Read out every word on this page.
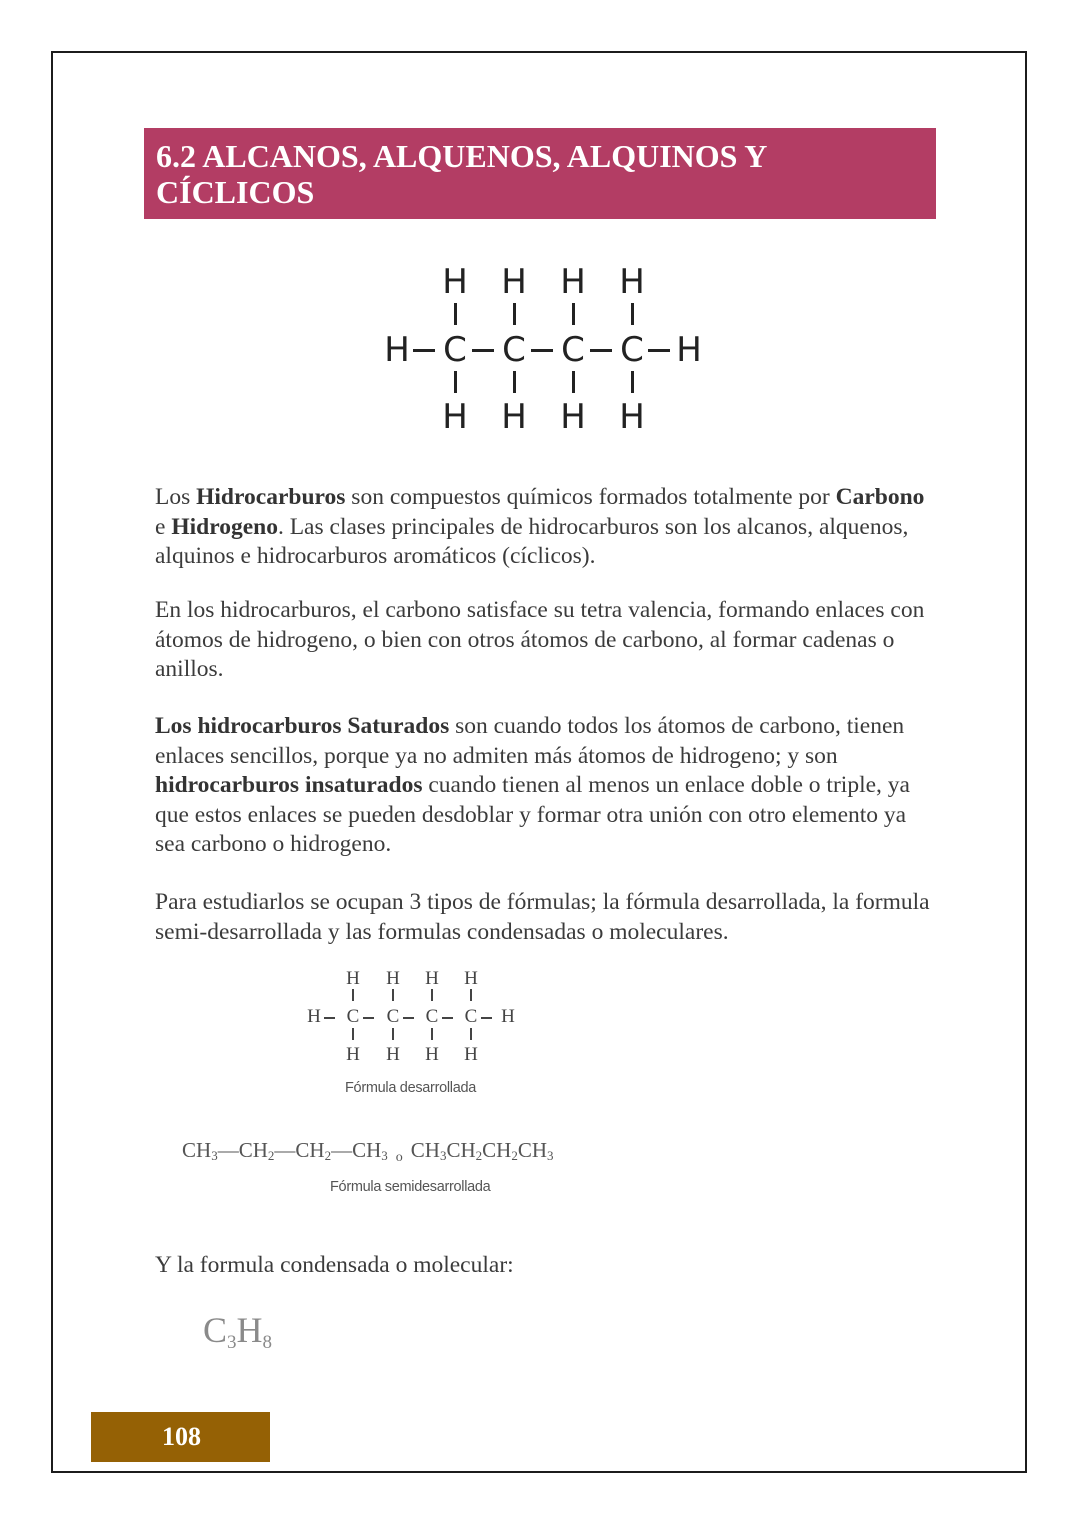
6.2 ALCANOS, ALQUENOS, ALQUINOS Y
CÍCLICOS
H H H H
H C C C C H
H H H H
Los Hidrocarburos son compuestos químicos formados totalmente por Carbono e Hidrogeno. Las clases principales de hidrocarburos son los alcanos, alquenos, alquinos e hidrocarburos aromáticos (cíclicos).
En los hidrocarburos, el carbono satisface su tetra valencia, formando enlaces con átomos de hidrogeno, o bien con otros átomos de carbono, al formar cadenas o anillos.
Los hidrocarburos Saturados son cuando todos los átomos de carbono, tienen enlaces sencillos, porque ya no admiten más átomos de hidrogeno; y son hidrocarburos insaturados cuando tienen al menos un enlace doble o triple, ya que estos enlaces se pueden desdoblar y formar otra unión con otro elemento ya sea carbono o hidrogeno.
Para estudiarlos se ocupan 3 tipos de fórmulas; la fórmula desarrollada, la formula semi-desarrollada y las formulas condensadas o moleculares.
H H H H
H C C C C H
H H H H
Fórmula desarrollada
$CH_3—CH_2—CH_2—CH_3$ o $CH_3CH_2CH_2CH_3$
Fórmula semidesarrollada
Y la formula condensada o molecular:
$C_3H_8$
108
